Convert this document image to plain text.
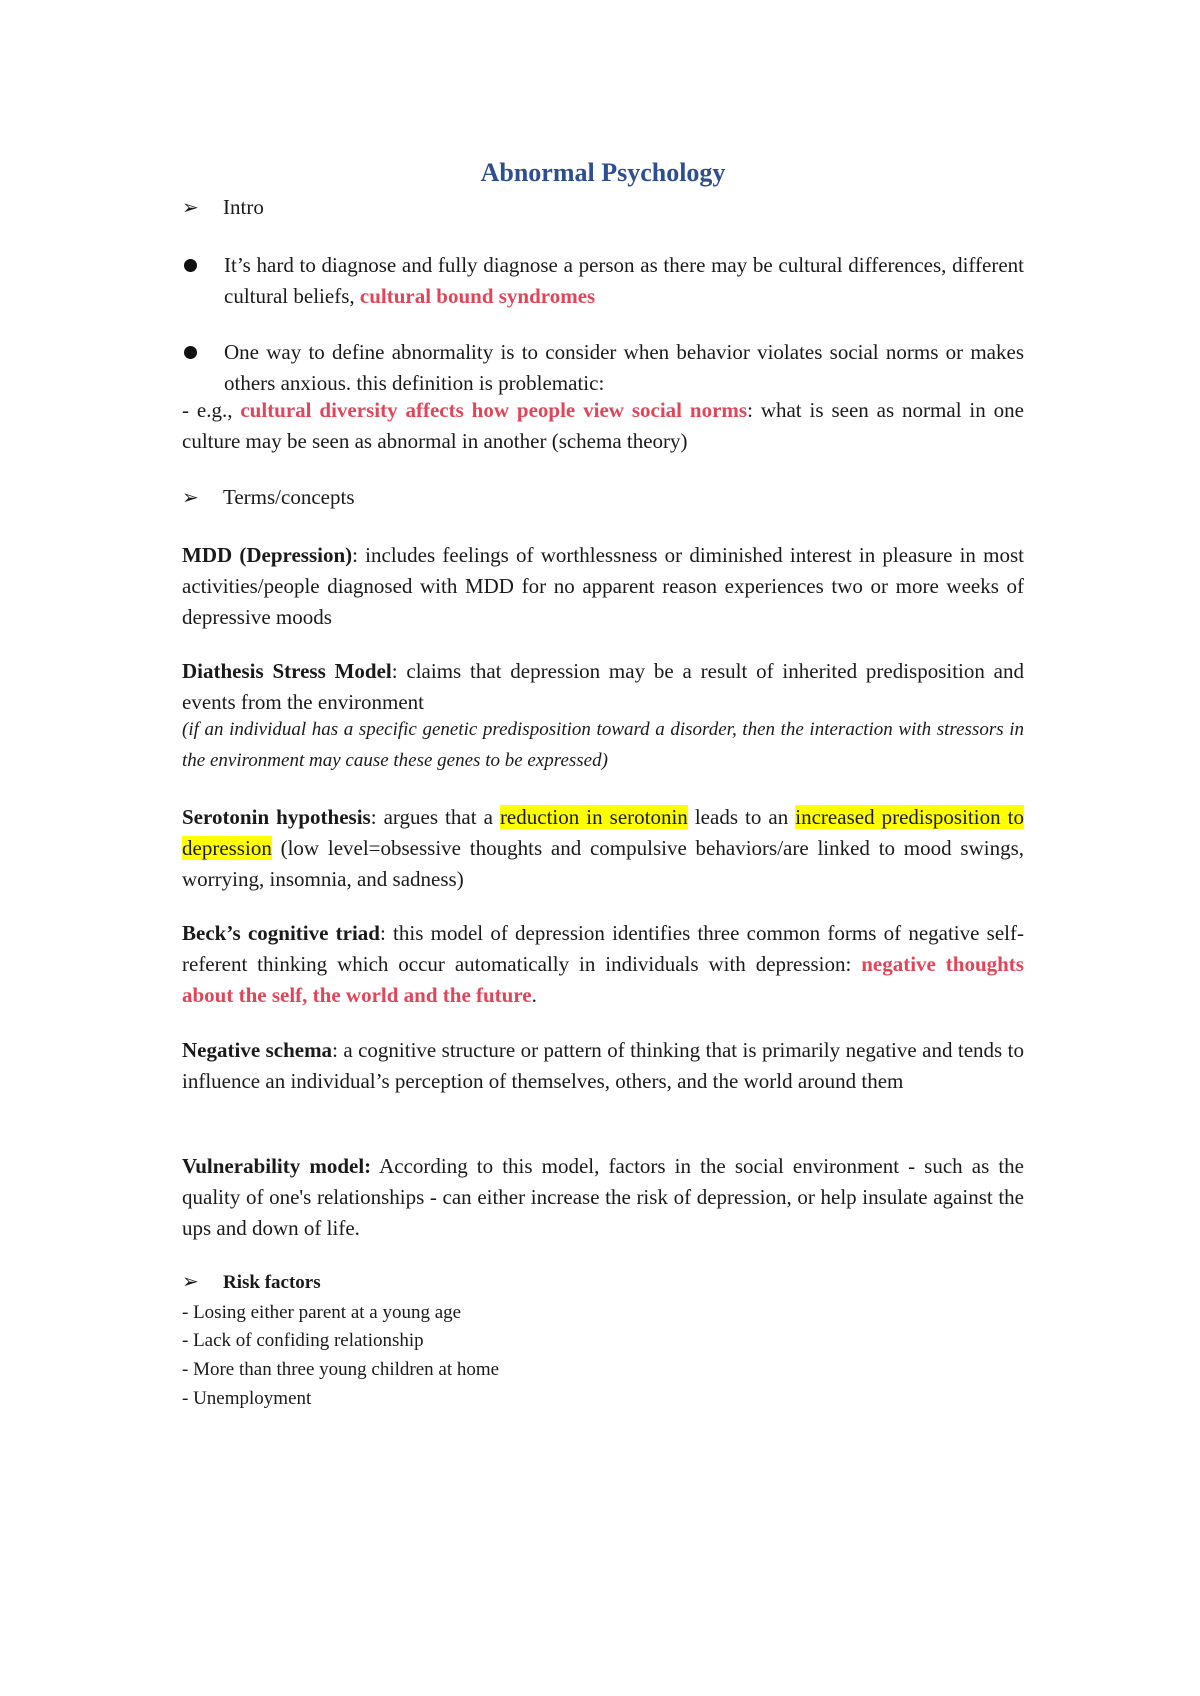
Abnormal Psychology
➢ Intro
It’s hard to diagnose and fully diagnose a person as there may be cultural differences, different cultural beliefs, cultural bound syndromes
One way to define abnormality is to consider when behavior violates social norms or makes others anxious. this definition is problematic:
- e.g., cultural diversity affects how people view social norms: what is seen as normal in one culture may be seen as abnormal in another (schema theory)
➢ Terms/concepts
MDD (Depression): includes feelings of worthlessness or diminished interest in pleasure in most activities/people diagnosed with MDD for no apparent reason experiences two or more weeks of depressive moods
Diathesis Stress Model: claims that depression may be a result of inherited predisposition and events from the environment
(if an individual has a specific genetic predisposition toward a disorder, then the interaction with stressors in the environment may cause these genes to be expressed)
Serotonin hypothesis: argues that a reduction in serotonin leads to an increased predisposition to depression (low level=obsessive thoughts and compulsive behaviors/are linked to mood swings, worrying, insomnia, and sadness)
Beck’s cognitive triad: this model of depression identifies three common forms of negative self-referent thinking which occur automatically in individuals with depression: negative thoughts about the self, the world and the future.
Negative schema: a cognitive structure or pattern of thinking that is primarily negative and tends to influence an individual’s perception of themselves, others, and the world around them
Vulnerability model: According to this model, factors in the social environment - such as the quality of one's relationships - can either increase the risk of depression, or help insulate against the ups and down of life.
➢ Risk factors
- Losing either parent at a young age
- Lack of confiding relationship
- More than three young children at home
- Unemployment
